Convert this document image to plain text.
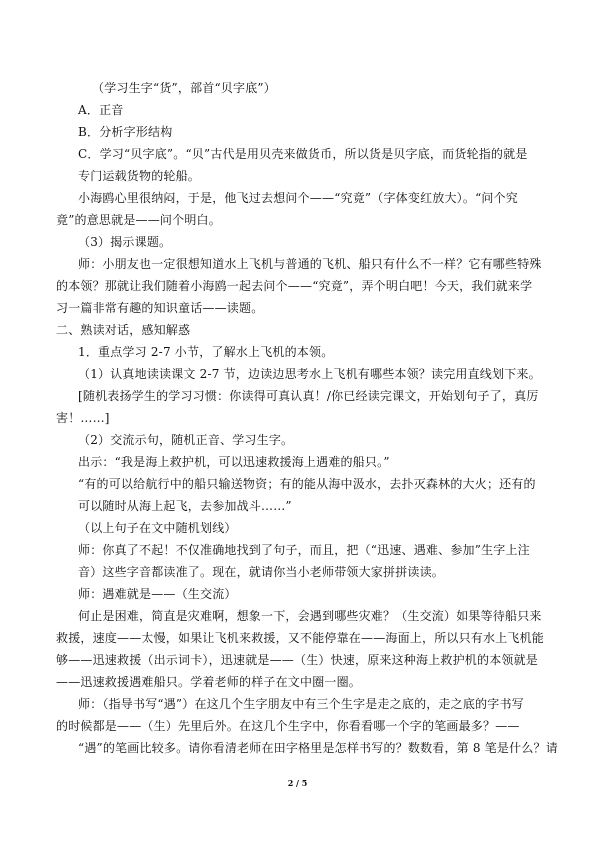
（学习生字“货”，部首“贝字底”）
A．正音
B．分析字形结构
C．学习“贝字底”。“贝”古代是用贝壳来做货币，所以货是贝字底，而货轮指的就是
专门运载货物的轮船。
小海鸥心里很纳闷，于是，他飞过去想问个——“究竟”（字体变红放大）。“问个究
竟”的意思就是——问个明白。
（3）揭示课题。
师：小朋友也一定很想知道水上飞机与普通的飞机、船只有什么不一样？它有哪些特殊
的本领？那就让我们随着小海鸥一起去问个——“究竟”，弄个明白吧！今天，我们就来学
习一篇非常有趣的知识童话——读题。
二、熟读对话，感知解惑
1．重点学习 2-7 小节，了解水上飞机的本领。
（1）认真地读读课文 2-7 节，边读边思考水上飞机有哪些本领？读完用直线划下来。
[随机表扬学生的学习习惯：你读得可真认真！/你已经读完课文，开始划句子了，真厉
害！……]
（2）交流示句，随机正音、学习生字。
出示：“我是海上救护机，可以迅速救援海上遇难的船只。”
“有的可以给航行中的船只输送物资；有的能从海中汲水，去扑灭森林的大火；还有的
可以随时从海上起飞，去参加战斗……”
（以上句子在文中随机划线）
师：你真了不起！不仅准确地找到了句子，而且，把（“迅速、遇难、参加”生字上注
音）这些字音都读准了。现在，就请你当小老师带领大家拼拼读读。
师：遇难就是——（生交流）
何止是困难，简直是灾难啊，想象一下，会遇到哪些灾难？（生交流）如果等待船只来
救援，速度——太慢，如果让飞机来救援，又不能停靠在——海面上，所以只有水上飞机能
够——迅速救援（出示词卡），迅速就是——（生）快速，原来这种海上救护机的本领就是
——迅速救援遇难船只。学着老师的样子在文中圈一圈。
师：（指导书写“遇”）在这几个生字朋友中有三个生字是走之底的，走之底的字书写
的时候都是——（生）先里后外。在这几个生字中，你看看哪一个字的笔画最多？——
“遇”的笔画比较多。请你看清老师在田字格里是怎样书写的？数数看，第 8 笔是什么？请
2 / 5
